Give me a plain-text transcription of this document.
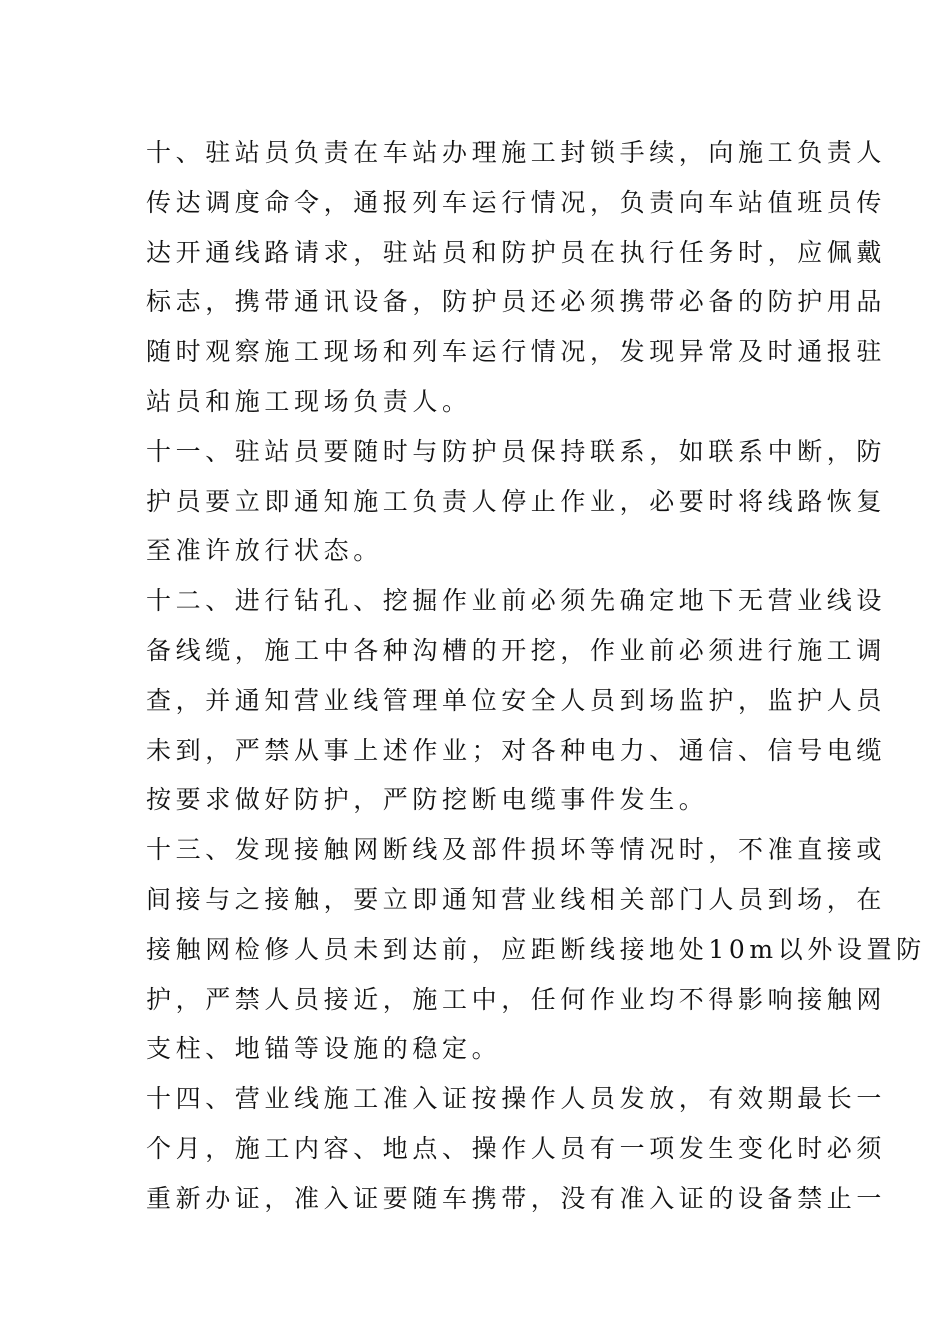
十、驻站员负责在车站办理施工封锁手续，向施工负责人
传达调度命令，通报列车运行情况，负责向车站值班员传
达开通线路请求，驻站员和防护员在执行任务时，应佩戴
标志，携带通讯设备，防护员还必须携带必备的防护用品
随时观察施工现场和列车运行情况，发现异常及时通报驻
站员和施工现场负责人。
十一、驻站员要随时与防护员保持联系，如联系中断，防
护员要立即通知施工负责人停止作业，必要时将线路恢复
至准许放行状态。
十二、进行钻孔、挖掘作业前必须先确定地下无营业线设
备线缆，施工中各种沟槽的开挖，作业前必须进行施工调
查，并通知营业线管理单位安全人员到场监护，监护人员
未到，严禁从事上述作业；对各种电力、通信、信号电缆
按要求做好防护，严防挖断电缆事件发生。
十三、发现接触网断线及部件损坏等情况时，不准直接或
间接与之接触，要立即通知营业线相关部门人员到场，在
接触网检修人员未到达前，应距断线接地处10m以外设置防
护，严禁人员接近，施工中，任何作业均不得影响接触网
支柱、地锚等设施的稳定。
十四、营业线施工准入证按操作人员发放，有效期最长一
个月，施工内容、地点、操作人员有一项发生变化时必须
重新办证，准入证要随车携带，没有准入证的设备禁止一
